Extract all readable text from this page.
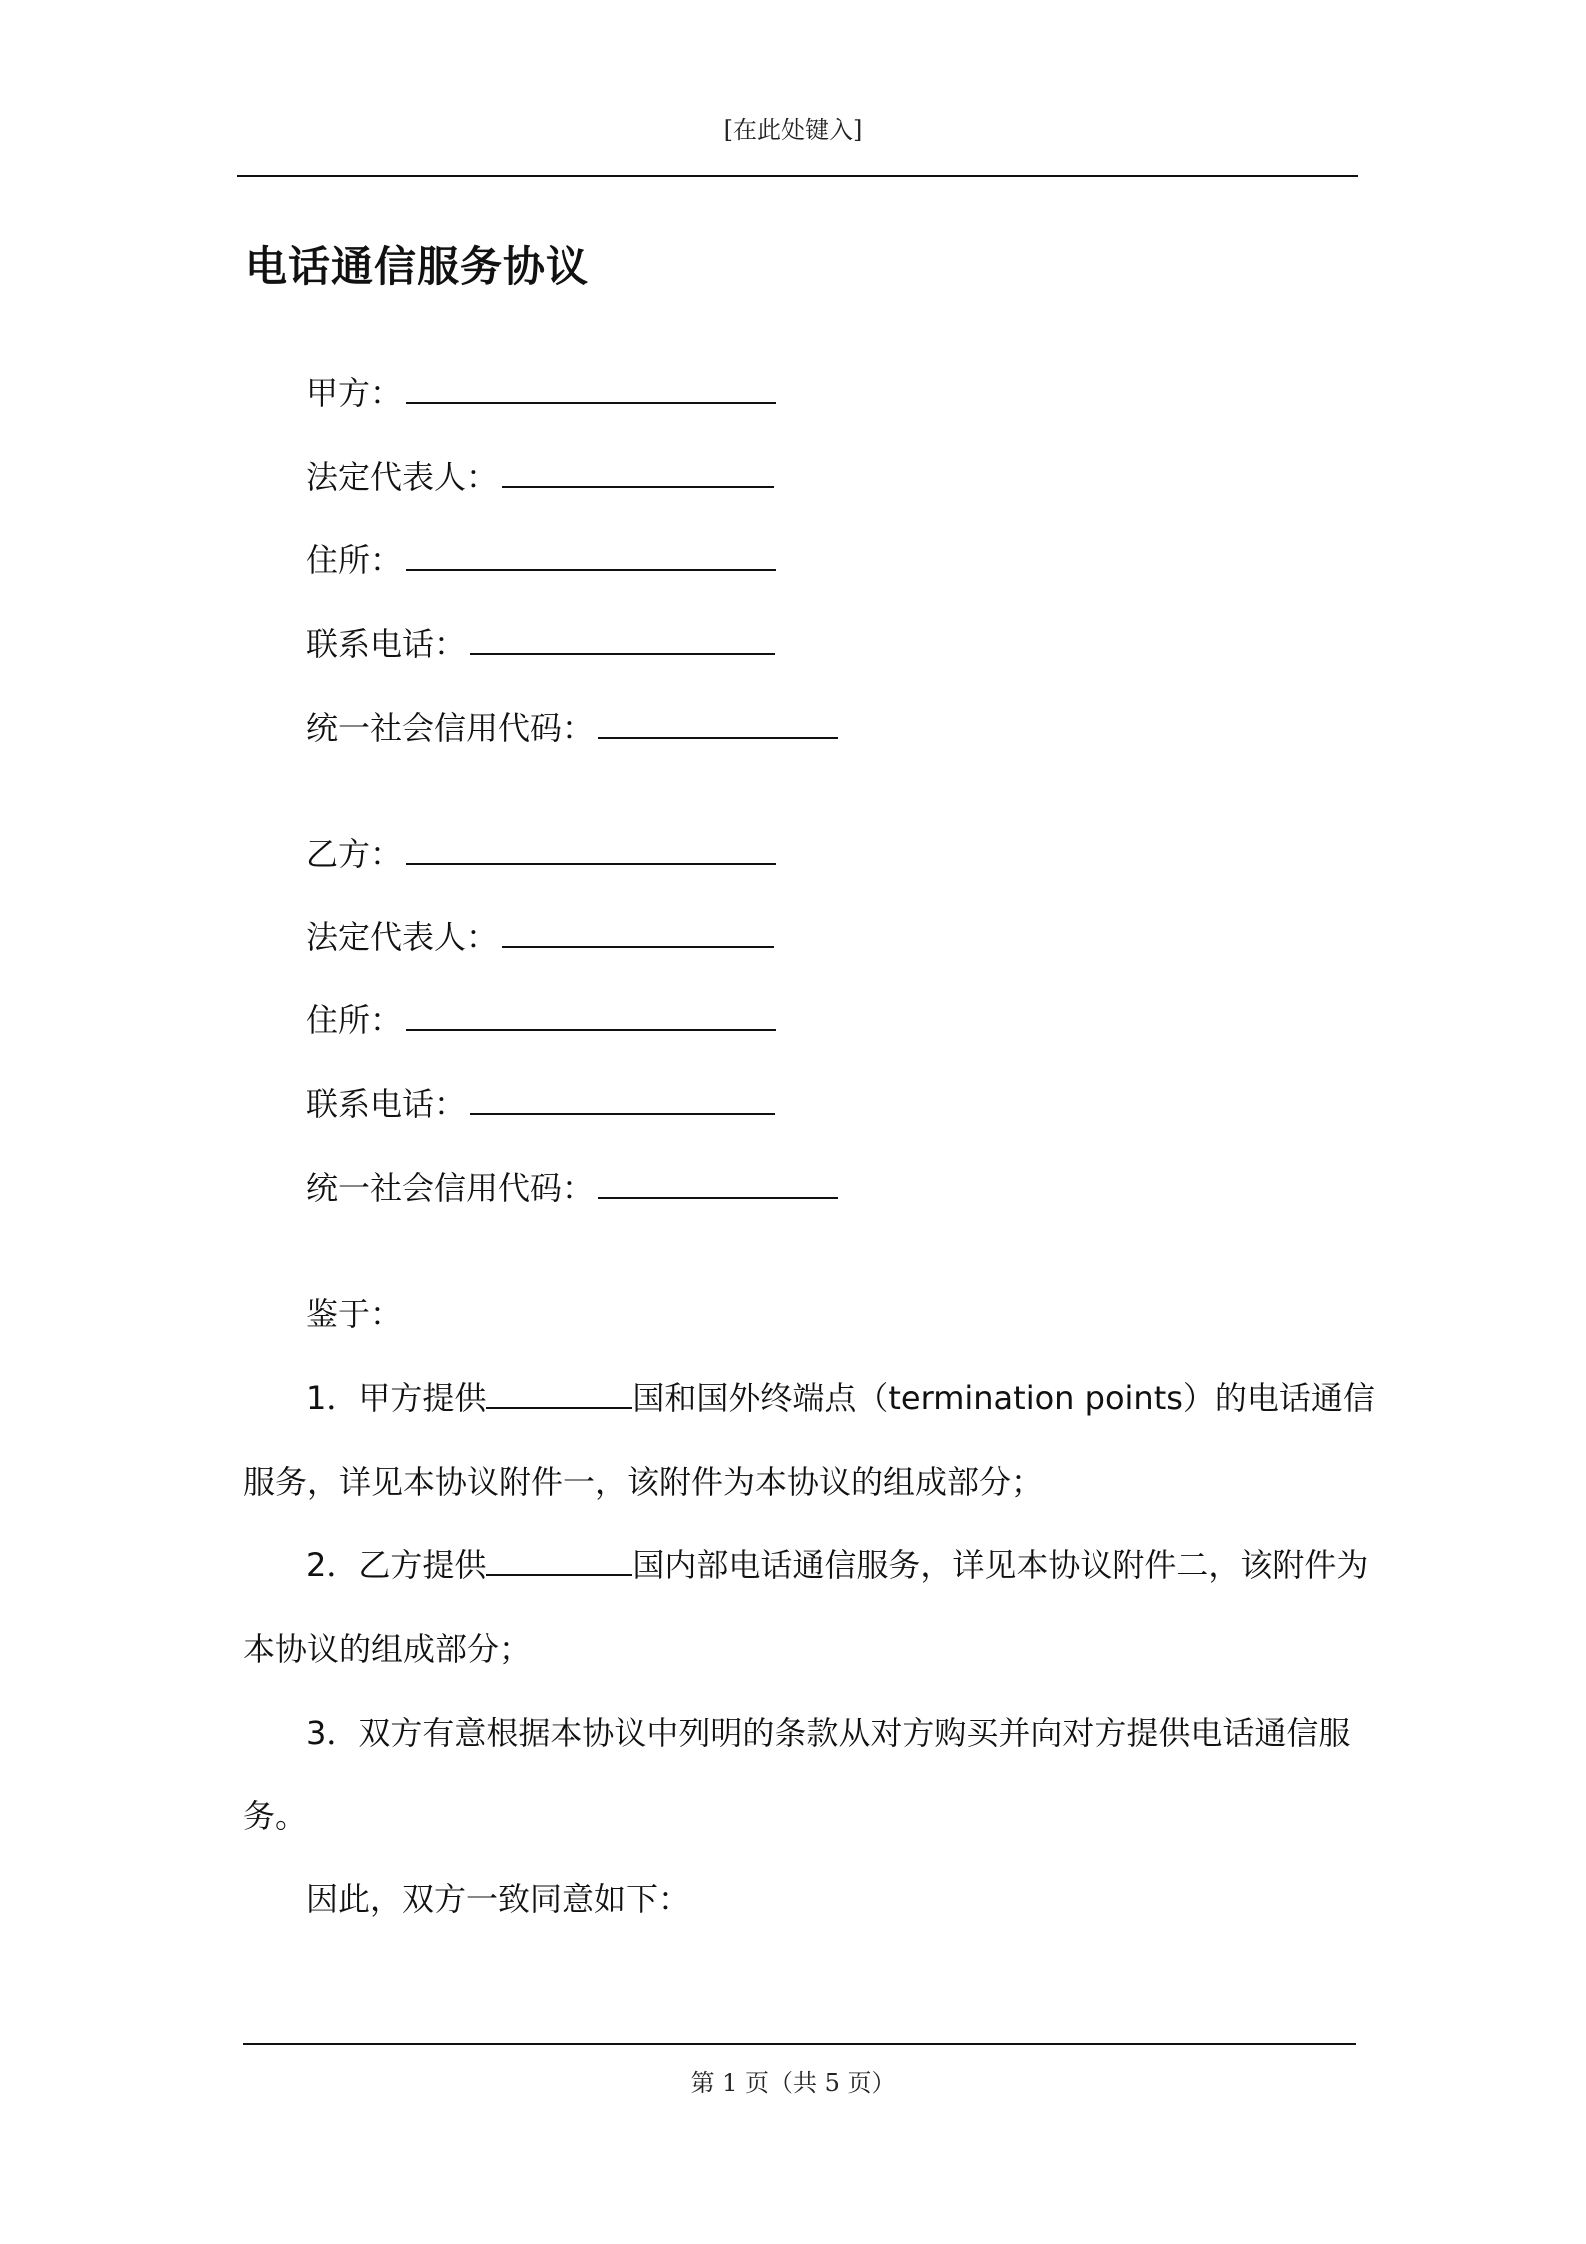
[在此处键入]
电话通信服务协议
甲方：
法定代表人：
住所：
联系电话：
统一社会信用代码：
乙方：
法定代表人：
住所：
联系电话：
统一社会信用代码：
鉴于：
1．甲方提供	国和国外终端点（termination points）的电话通信
服务，详见本协议附件一，该附件为本协议的组成部分；
2．乙方提供	国内部电话通信服务，详见本协议附件二，该附件为
本协议的组成部分；
3．双方有意根据本协议中列明的条款从对方购买并向对方提供电话通信服
务。
因此，双方一致同意如下：
第 1 页（共 5 页）
